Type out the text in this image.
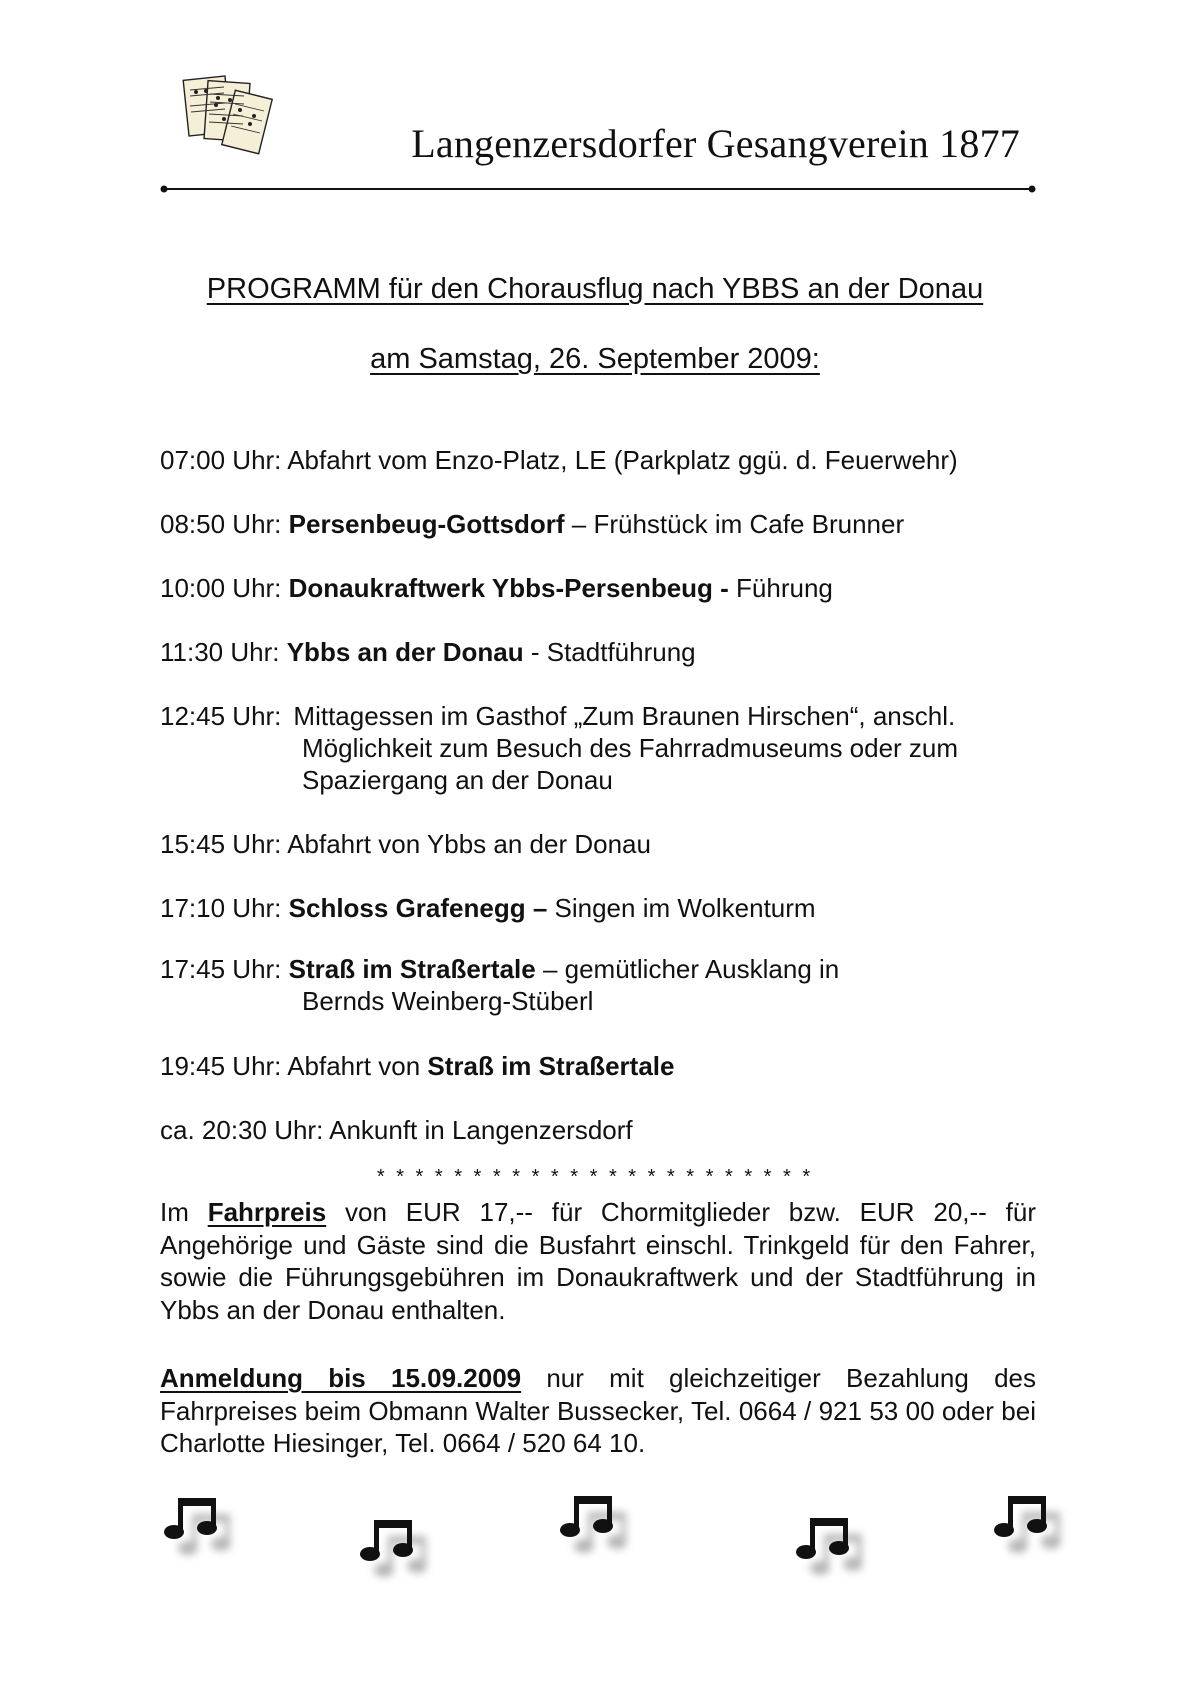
Langenzersdorfer Gesangverein 1877
PROGRAMM für den Chorausflug nach YBBS an der Donau
am Samstag, 26. September 2009:
07:00 Uhr: Abfahrt vom Enzo-Platz, LE (Parkplatz ggü. d. Feuerwehr)
08:50 Uhr: Persenbeug-Gottsdorf – Frühstück im Cafe Brunner
10:00 Uhr: Donaukraftwerk Ybbs-Persenbeug - Führung
11:30 Uhr: Ybbs an der Donau - Stadtführung
12:45 Uhr: Mittagessen im Gasthof „Zum Braunen Hirschen“, anschl.
Möglichkeit zum Besuch des Fahrradmuseums oder zum
Spaziergang an der Donau
15:45 Uhr: Abfahrt von Ybbs an der Donau
17:10 Uhr: Schloss Grafenegg – Singen im Wolkenturm
17:45 Uhr: Straß im Straßertale – gemütlicher Ausklang in
Bernds Weinberg-Stüberl
19:45 Uhr: Abfahrt von Straß im Straßertale
ca. 20:30 Uhr: Ankunft in Langenzersdorf
* * * * * * * * * * * * * * * * * * * * * * *
Im Fahrpreis von EUR 17,-- für Chormitglieder bzw. EUR 20,-- für Angehörige und Gäste sind die Busfahrt einschl. Trinkgeld für den Fahrer, sowie die Führungsgebühren im Donaukraftwerk und der Stadtführung in Ybbs an der Donau enthalten.
Anmeldung bis 15.09.2009 nur mit gleichzeitiger Bezahlung des Fahrpreises beim Obmann Walter Bussecker, Tel. 0664 / 921 53 00 oder bei Charlotte Hiesinger, Tel. 0664 / 520 64 10.
